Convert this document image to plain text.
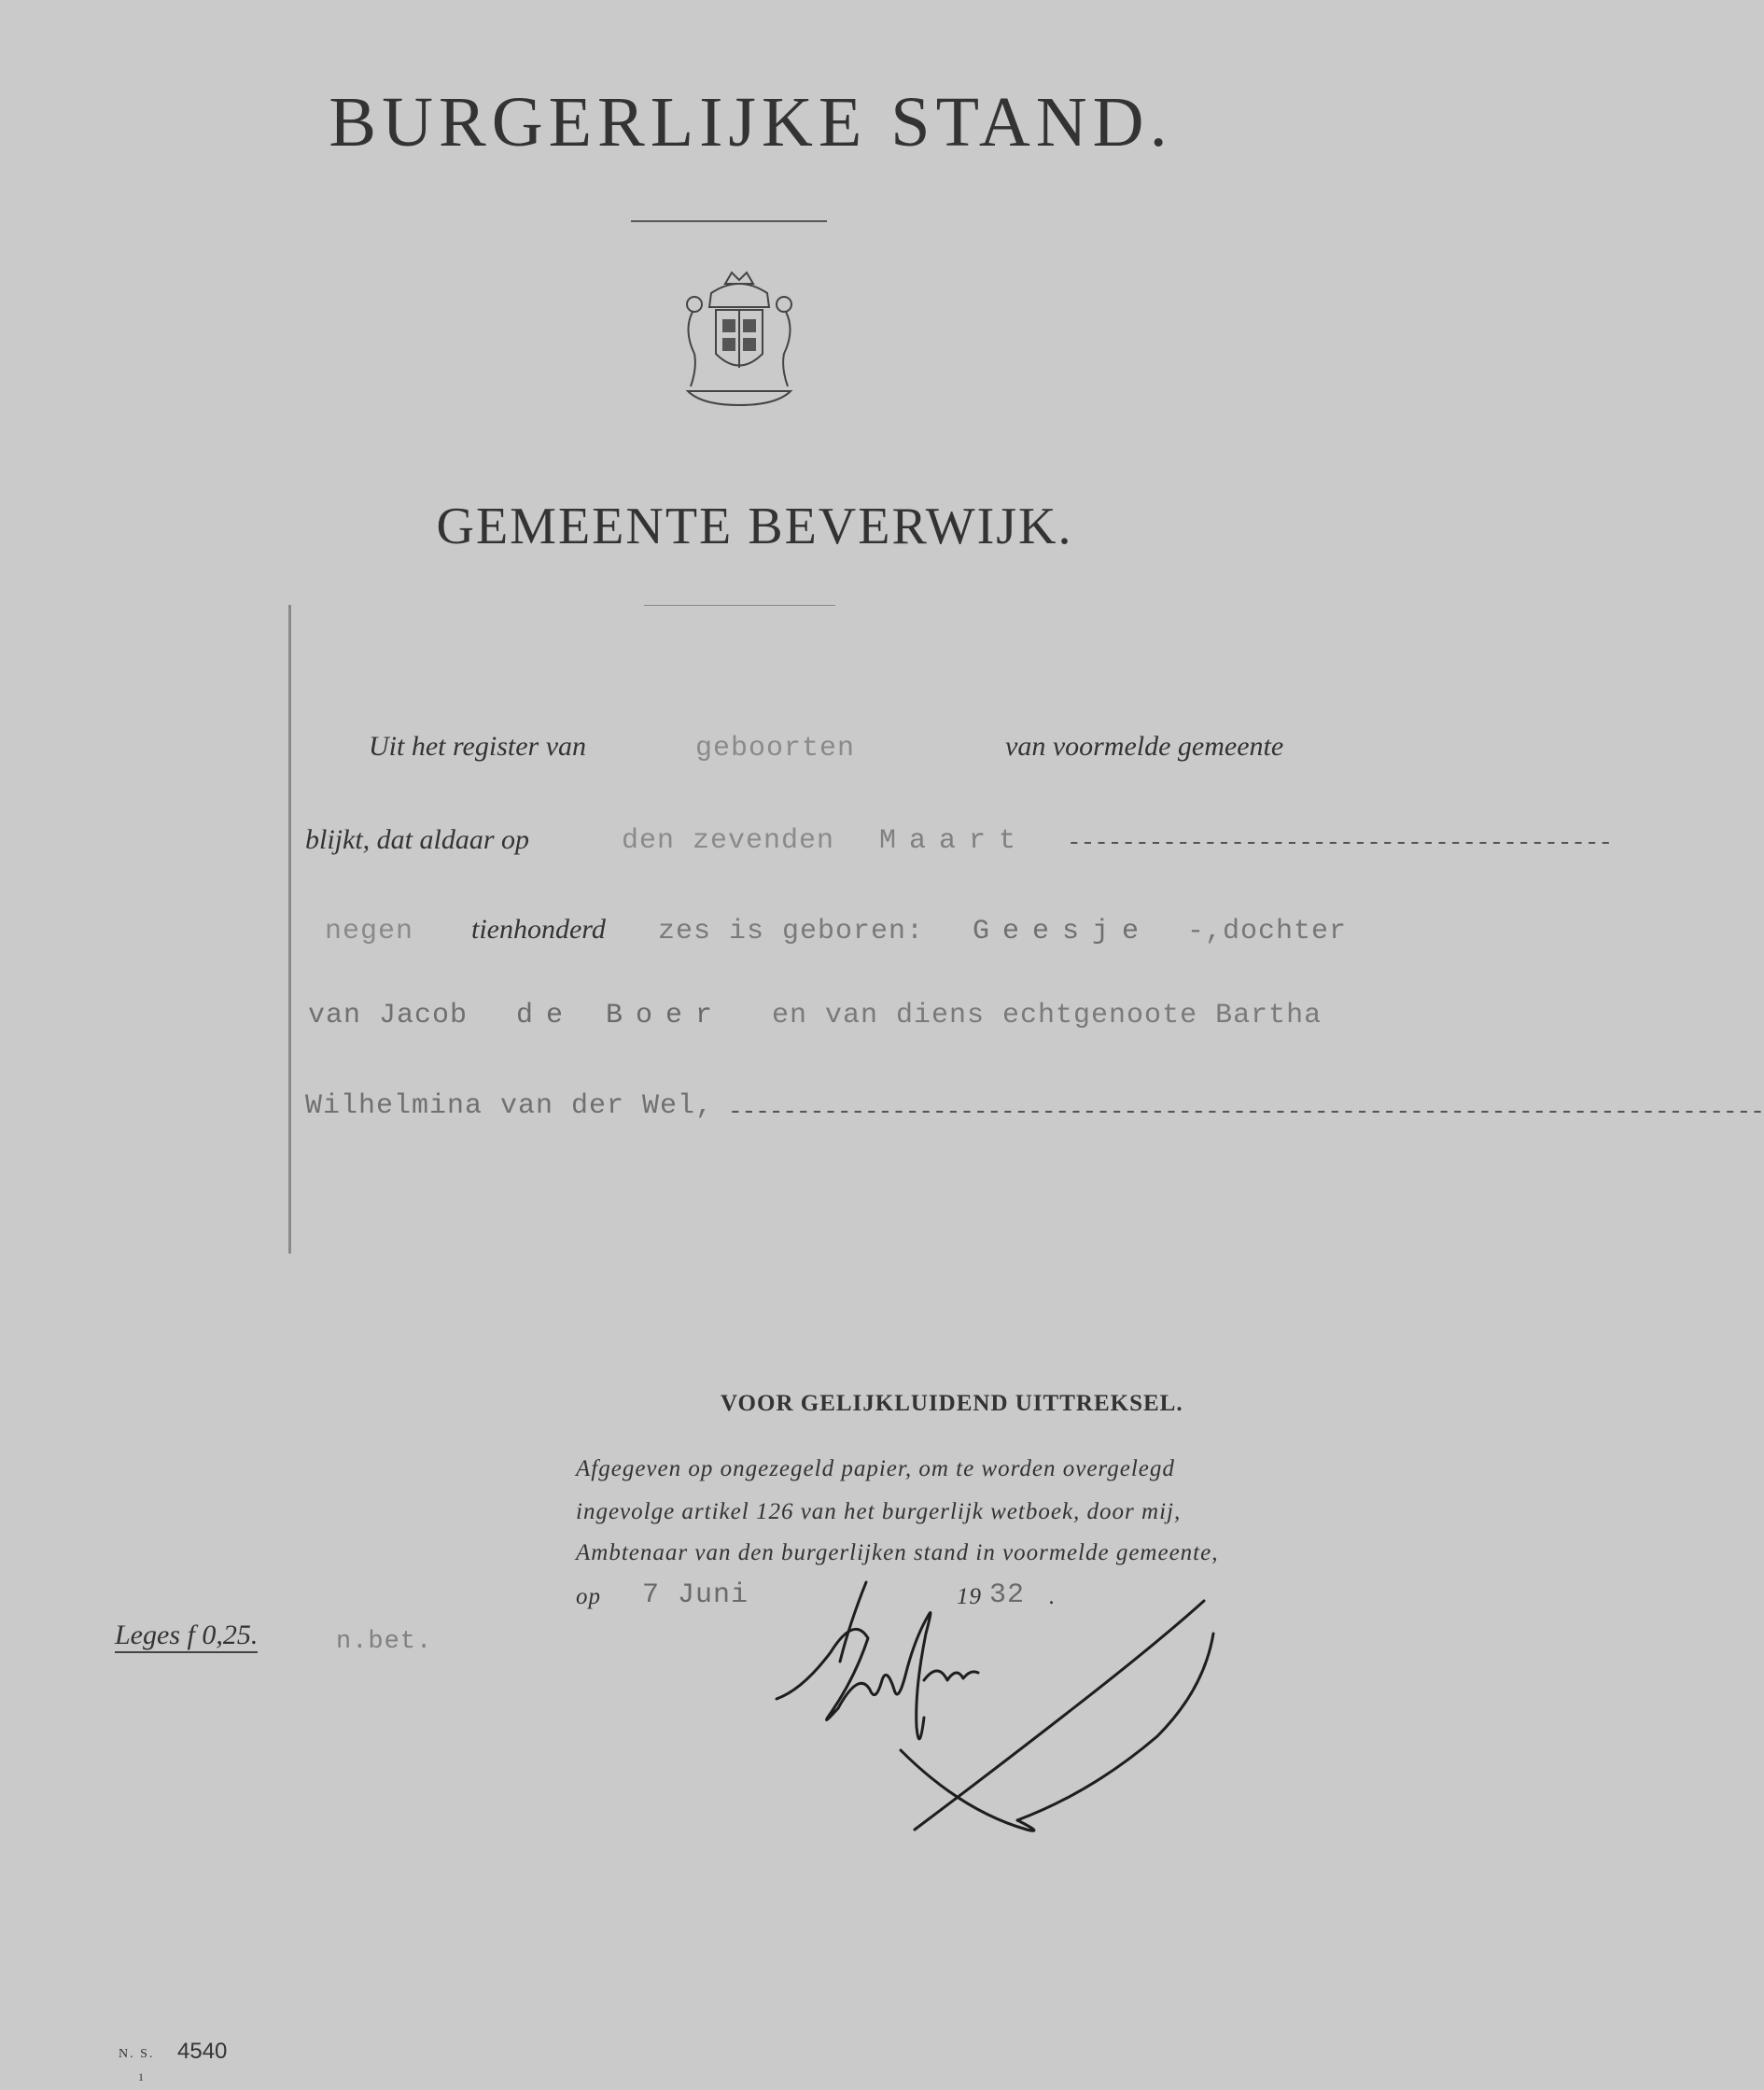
BURGERLIJKE STAND.
GEMEENTE BEVERWIJK.
Uit het register van	geboorten	van voormelde gemeente
blijkt, dat aldaar op	den zevenden Maart ----------------------------------------
negen tienhonderd zes is geboren: Geesje -,dochter
van Jacob de Boer en van diens echtgenoote Bartha
Wilhelmina van der Wel, ----------------------------------------------------------------------------
VOOR GELIJKLUIDEND UITTREKSEL.
Afgegeven op ongezegeld papier, om te worden overgelegd
ingevolge artikel 126 van het burgerlijk wetboek, door mij,
Ambtenaar van den burgerlijken stand in voormelde gemeente,
op 7 Juni	19 32 .
Leges f 0,25.	n.bet.
N. S. 4540
1
